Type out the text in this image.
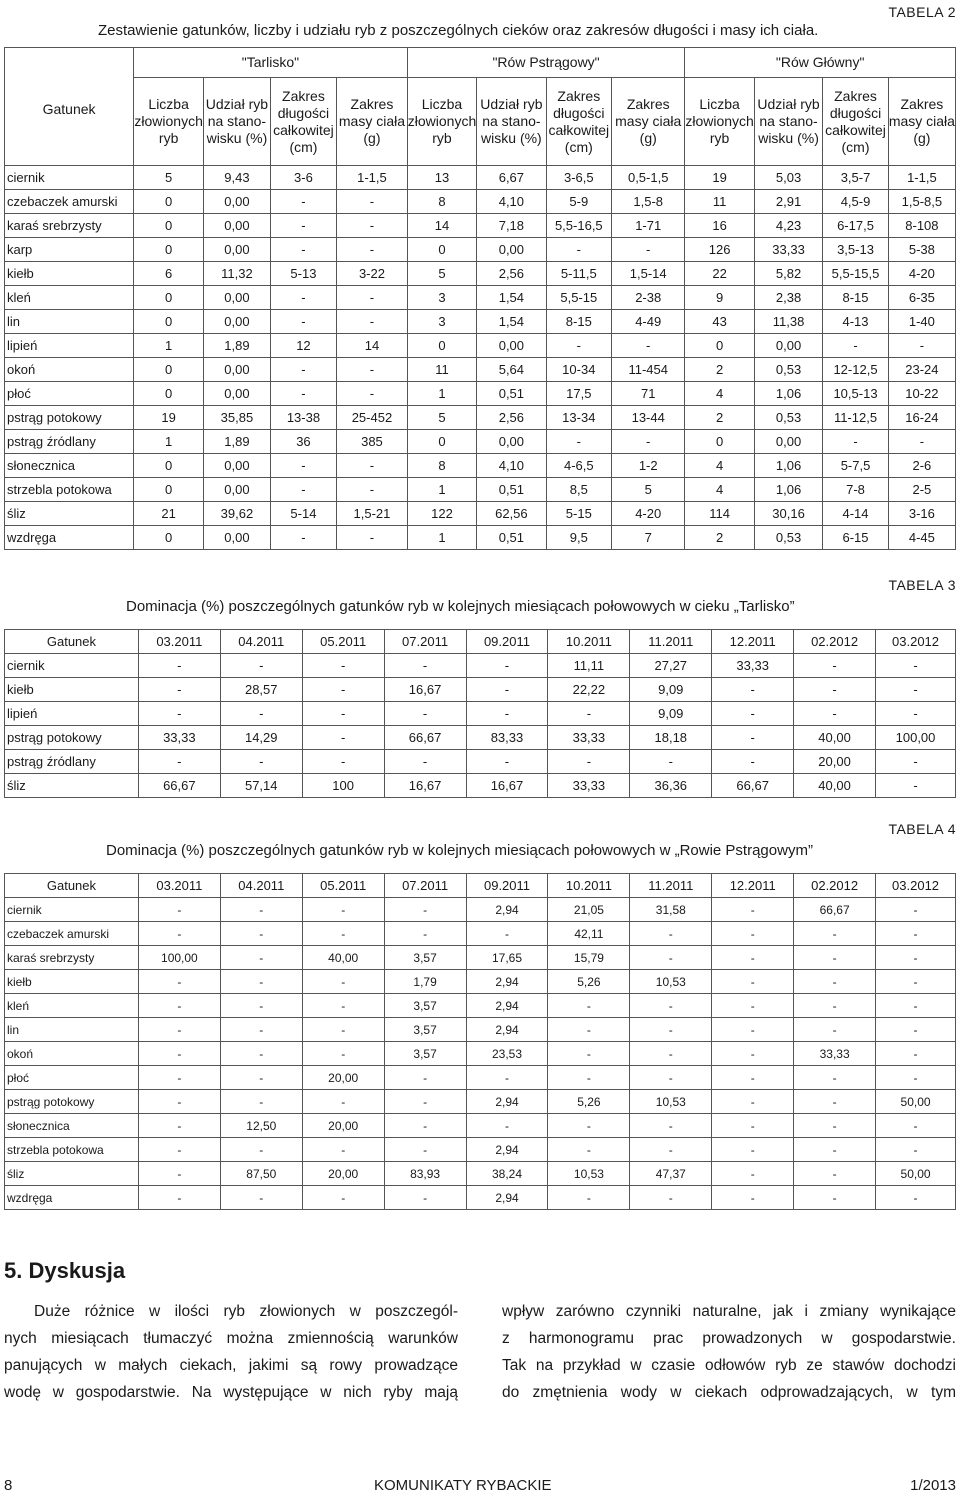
TABELA 2
Zestawienie gatunków, liczby i udziału ryb z poszczególnych cieków oraz zakresów długości i masy ich ciała.
Gatunek	"Tarlisko"				"Rów Pstrągowy"				"Rów Główny"			
	Liczba
złowionych
ryb	Udział ryb
na stano-
wisku (%)	Zakres
długości
całkowitej
(cm)	Zakres
masy ciała
(g)	Liczba
złowionych
ryb	Udział ryb
na stano-
wisku (%)	Zakres
długości
całkowitej
(cm)	Zakres
masy ciała
(g)	Liczba
złowionych
ryb	Udział ryb
na stano-
wisku (%)	Zakres
długości
całkowitej
(cm)	Zakres
masy ciała
(g)
ciernik	5	9,43	3-6	1-1,5	13	6,67	3-6,5	0,5-1,5	19	5,03	3,5-7	1-1,5
czebaczek amurski	0	0,00	-	-	8	4,10	5-9	1,5-8	11	2,91	4,5-9	1,5-8,5
karaś srebrzysty	0	0,00	-	-	14	7,18	5,5-16,5	1-71	16	4,23	6-17,5	8-108
karp	0	0,00	-	-	0	0,00	-	-	126	33,33	3,5-13	5-38
kiełb	6	11,32	5-13	3-22	5	2,56	5-11,5	1,5-14	22	5,82	5,5-15,5	4-20
kleń	0	0,00	-	-	3	1,54	5,5-15	2-38	9	2,38	8-15	6-35
lin	0	0,00	-	-	3	1,54	8-15	4-49	43	11,38	4-13	1-40
lipień	1	1,89	12	14	0	0,00	-	-	0	0,00	-	-
okoń	0	0,00	-	-	11	5,64	10-34	11-454	2	0,53	12-12,5	23-24
płoć	0	0,00	-	-	1	0,51	17,5	71	4	1,06	10,5-13	10-22
pstrąg potokowy	19	35,85	13-38	25-452	5	2,56	13-34	13-44	2	0,53	11-12,5	16-24
pstrąg źródlany	1	1,89	36	385	0	0,00	-	-	0	0,00	-	-
słonecznica	0	0,00	-	-	8	4,10	4-6,5	1-2	4	1,06	5-7,5	2-6
strzebla potokowa	0	0,00	-	-	1	0,51	8,5	5	4	1,06	7-8	2-5
śliz	21	39,62	5-14	1,5-21	122	62,56	5-15	4-20	114	30,16	4-14	3-16
wzdręga	0	0,00	-	-	1	0,51	9,5	7	2	0,53	6-15	4-45
TABELA 3
Dominacja (%) poszczególnych gatunków ryb w kolejnych miesiącach połowowych w cieku „Tarlisko”
Gatunek	03.2011	04.2011	05.2011	07.2011	09.2011	10.2011	11.2011	12.2011	02.2012	03.2012
ciernik	-	-	-	-	-	11,11	27,27	33,33	-	-
kiełb	-	28,57	-	16,67	-	22,22	9,09	-	-	-
lipień	-	-	-	-	-	-	9,09	-	-	-
pstrąg potokowy	33,33	14,29	-	66,67	83,33	33,33	18,18	-	40,00	100,00
pstrąg źródlany	-	-	-	-	-	-	-	-	20,00	-
śliz	66,67	57,14	100	16,67	16,67	33,33	36,36	66,67	40,00	-
TABELA 4
Dominacja (%) poszczególnych gatunków ryb w kolejnych miesiącach połowowych w „Rowie Pstrągowym”
Gatunek	03.2011	04.2011	05.2011	07.2011	09.2011	10.2011	11.2011	12.2011	02.2012	03.2012
ciernik	-	-	-	-	2,94	21,05	31,58	-	66,67	-
czebaczek amurski	-	-	-	-	-	42,11	-	-	-	-
karaś srebrzysty	100,00	-	40,00	3,57	17,65	15,79	-	-	-	-
kiełb	-	-	-	1,79	2,94	5,26	10,53	-	-	-
kleń	-	-	-	3,57	2,94	-	-	-	-	-
lin	-	-	-	3,57	2,94	-	-	-	-	-
okoń	-	-	-	3,57	23,53	-	-	-	33,33	-
płoć	-	-	20,00	-	-	-	-	-	-	-
pstrąg potokowy	-	-	-	-	2,94	5,26	10,53	-	-	50,00
słonecznica	-	12,50	20,00	-	-	-	-	-	-	-
strzebla potokowa	-	-	-	-	2,94	-	-	-	-	-
śliz	-	87,50	20,00	83,93	38,24	10,53	47,37	-	-	50,00
wzdręga	-	-	-	-	2,94	-	-	-	-	-
5. Dyskusja
Duże różnice w ilości ryb złowionych w poszczegól-
nych miesiącach tłumaczyć można zmiennością warunków
panujących w małych ciekach, jakimi są rowy prowadzące
wodę w gospodarstwie. Na występujące w nich ryby mają
wpływ zarówno czynniki naturalne, jak i zmiany wynikające
z harmonogramu prac prowadzonych w gospodarstwie.
Tak na przykład w czasie odłowów ryb ze stawów dochodzi
do zmętnienia wody w ciekach odprowadzających, w tym
8	KOMUNIKATY RYBACKIE	1/2013
